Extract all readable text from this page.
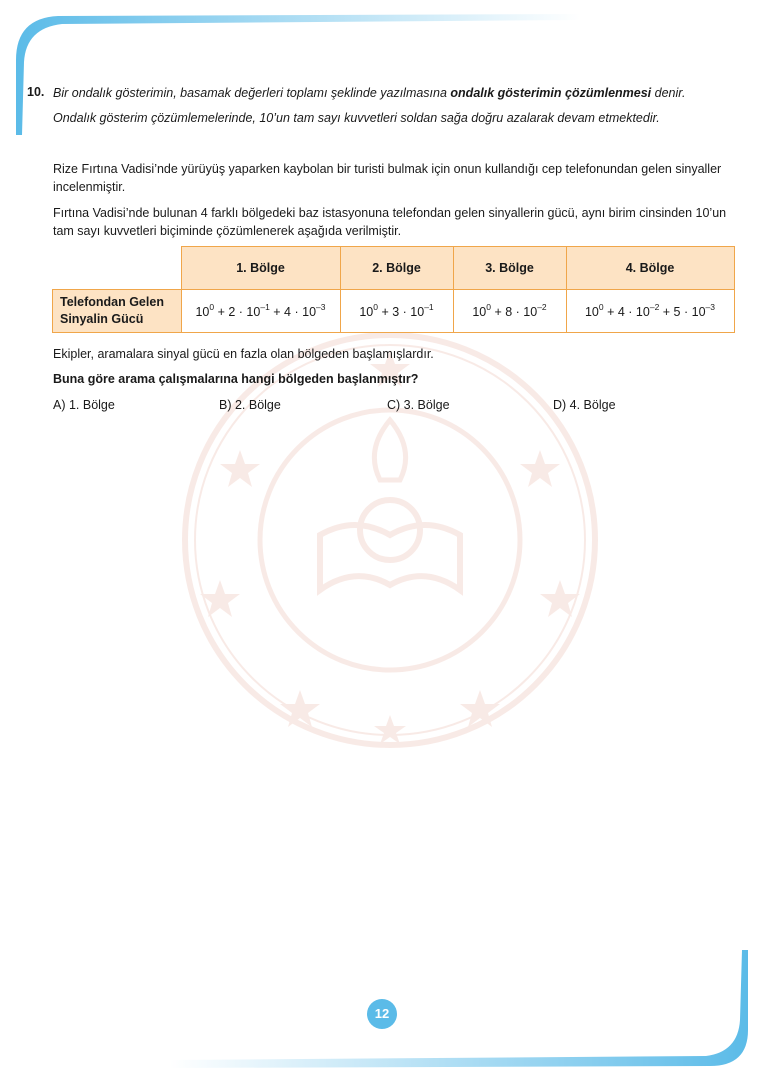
10. Bir ondalık gösterimin, basamak değerleri toplamı şeklinde yazılmasına ondalık gösterimin çözümlenmesi denir.
Ondalık gösterim çözümlemelerinde, 10’un tam sayı kuvvetleri soldan sağa doğru azalarak devam etmektedir.
Rize Fırtına Vadisi’nde yürüyüş yaparken kaybolan bir turisti bulmak için onun kullandığı cep telefonundan gelen sinyaller incelenmiştir.
Fırtına Vadisi’nde bulunan 4 farklı bölgedeki baz istasyonuna telefondan gelen sinyallerin gücü, aynı birim cinsinden 10’un tam sayı kuvvetleri biçiminde çözümlenerek aşağıda verilmiştir.
	1. Bölge	2. Bölge	3. Bölge	4. Bölge
Telefondan Gelen
Sinyalin Gücü	$10^0 + 2 \cdot 10^{-1} + 4 \cdot 10^{-3}$	$10^0 + 3 \cdot 10^{-1}$	$10^0 + 8 \cdot 10^{-2}$	$10^0 + 4 \cdot 10^{-2} + 5 \cdot 10^{-3}$
Ekipler, aramalara sinyal gücü en fazla olan bölgeden başlamışlardır.
Buna göre arama çalışmalarına hangi bölgeden başlanmıştır?
A) 1. Bölge	B) 2. Bölge	C) 3. Bölge	D) 4. Bölge
12
